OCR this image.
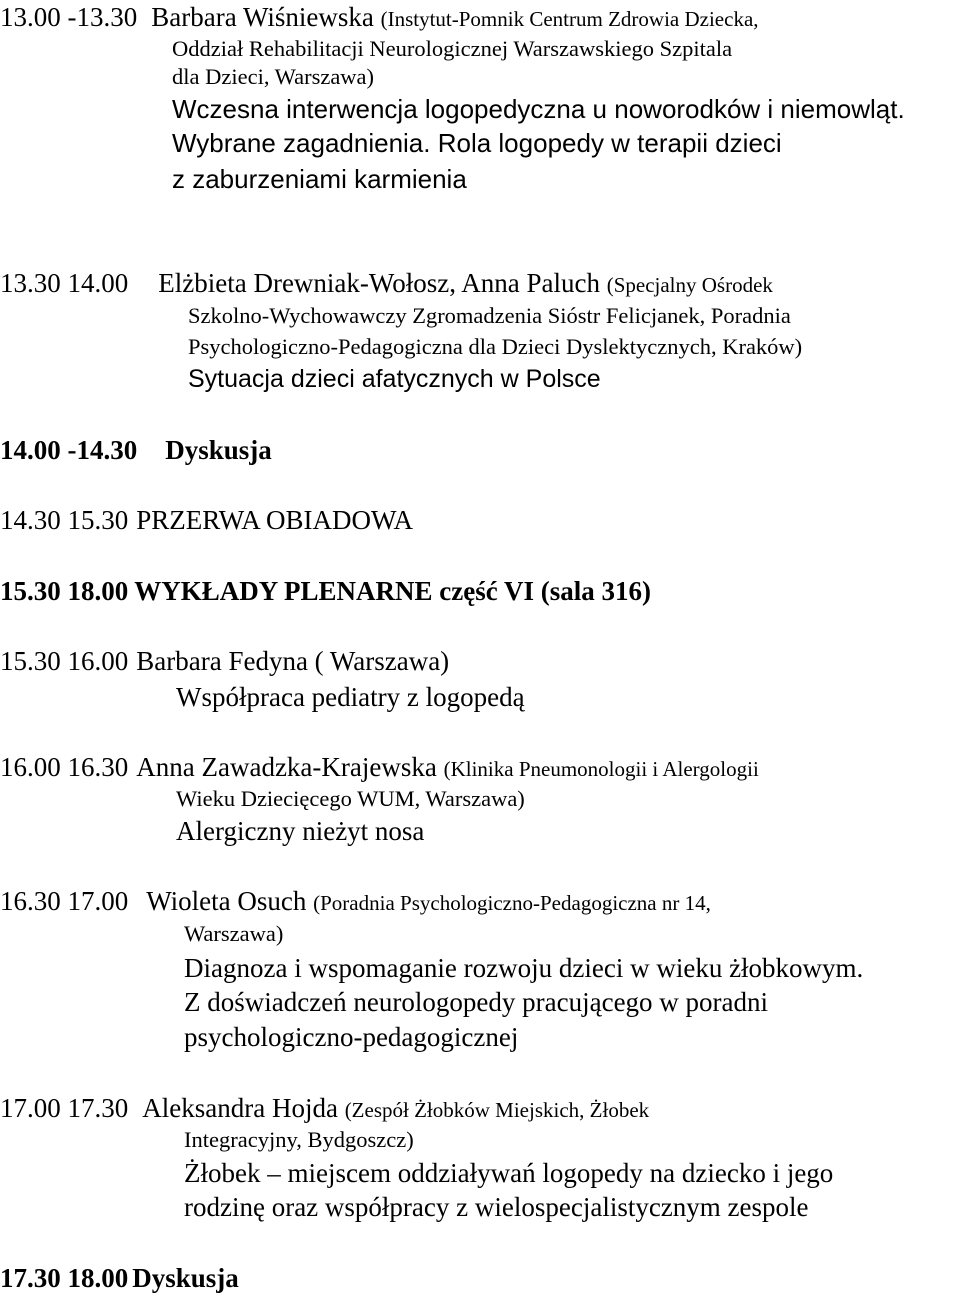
13.00 -13.30 Barbara Wiśniewska (Instytut-Pomnik Centrum Zdrowia Dziecka,
Oddział Rehabilitacji Neurologicznej Warszawskiego Szpitala
dla Dzieci, Warszawa)
Wczesna interwencja logopedyczna u noworodków i niemowląt.
Wybrane zagadnienia. Rola logopedy w terapii dzieci
z zaburzeniami karmienia
13.30 14.00 Elżbieta Drewniak-Wołosz, Anna Paluch (Specjalny Ośrodek
Szkolno-Wychowawczy Zgromadzenia Sióstr Felicjanek, Poradnia
Psychologiczno-Pedagogiczna dla Dzieci Dyslektycznych, Kraków)
Sytuacja dzieci afatycznych w Polsce
14.00 -14.30 Dyskusja
14.30 15.30 PRZERWA OBIADOWA
15.30 18.00 WYKŁADY PLENARNE część VI (sala 316)
15.30 16.00 Barbara Fedyna ( Warszawa)
Współpraca pediatry z logopedą
16.00 16.30 Anna Zawadzka-Krajewska (Klinika Pneumonologii i Alergologii
Wieku Dziecięcego WUM, Warszawa)
Alergiczny nieżyt nosa
16.30 17.00 Wioleta Osuch (Poradnia Psychologiczno-Pedagogiczna nr 14,
Warszawa)
Diagnoza i wspomaganie rozwoju dzieci w wieku żłobkowym.
Z doświadczeń neurologopedy pracującego w poradni
psychologiczno-pedagogicznej
17.00 17.30 Aleksandra Hojda (Zespół Żłobków Miejskich, Żłobek
Integracyjny, Bydgoszcz)
Żłobek – miejscem oddziaływań logopedy na dziecko i jego
rodzinę oraz współpracy z wielospecjalistycznym zespole
17.30 18.00 Dyskusja
